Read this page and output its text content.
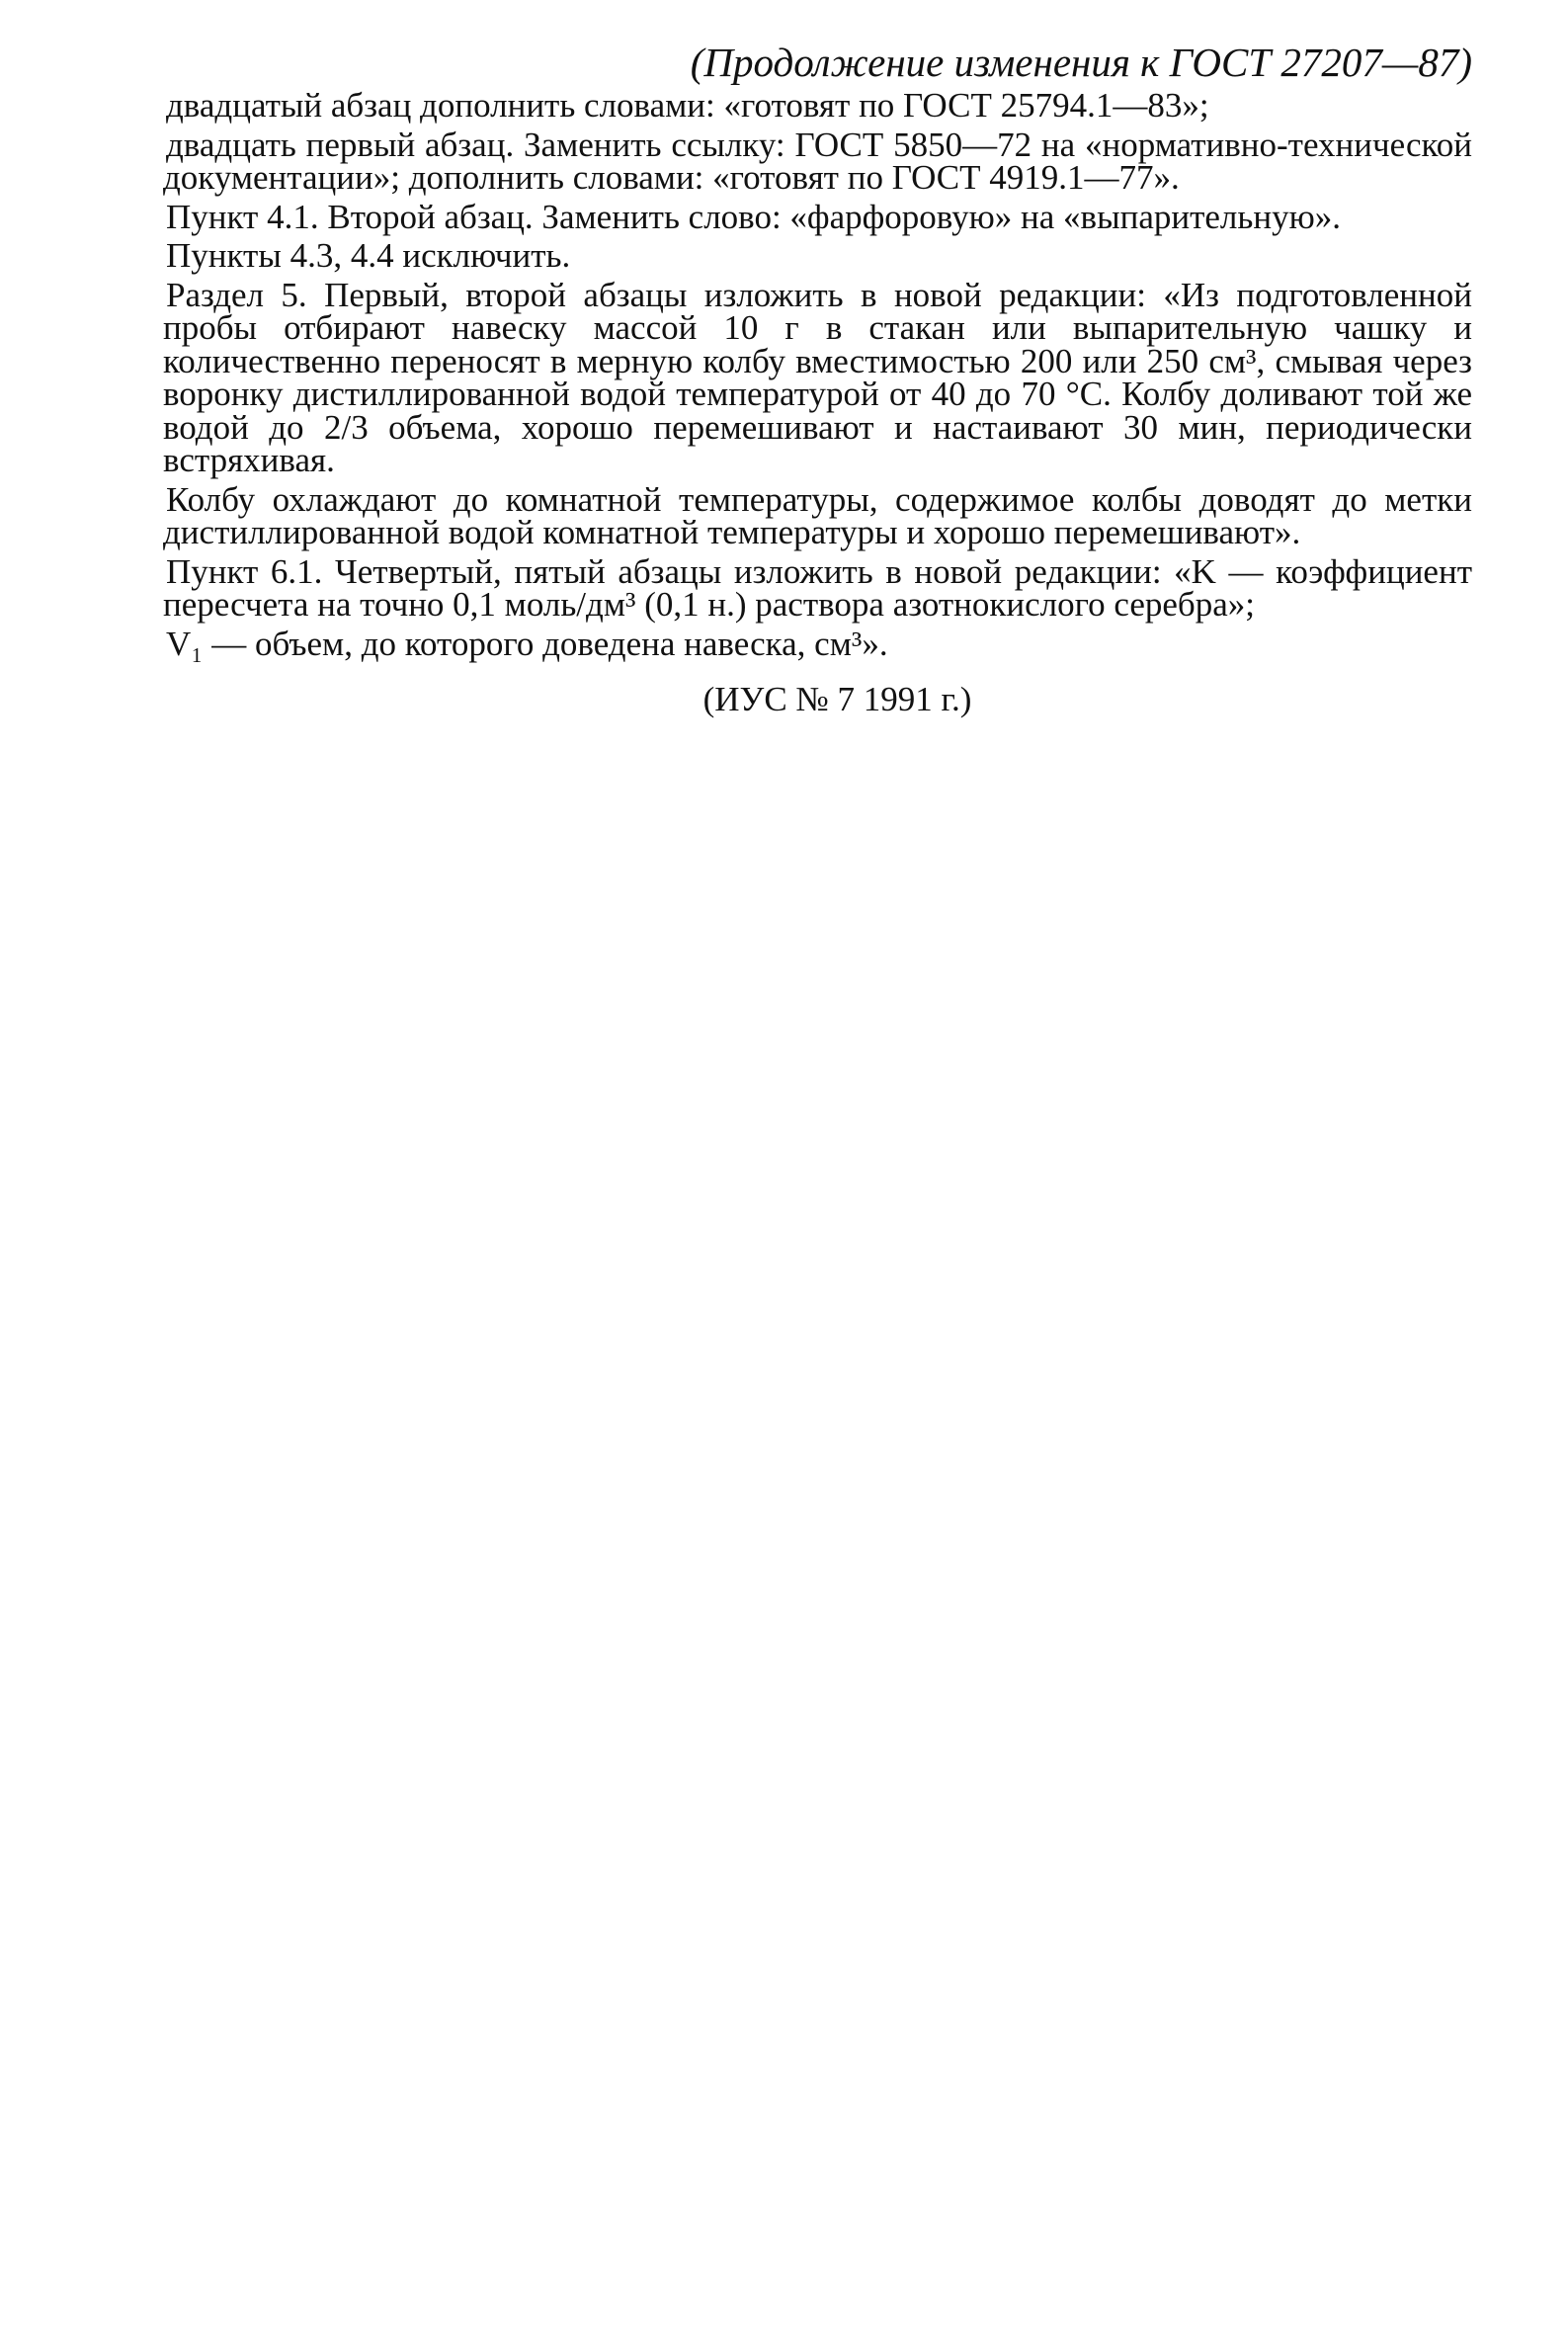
(Продолжение изменения к ГОСТ 27207—87)

двадцатый абзац дополнить словами: «готовят по ГОСТ 25794.1—83»;

двадцать первый абзац. Заменить ссылку: ГОСТ 5850—72 на «нормативно-технической документации»; дополнить словами: «готовят по ГОСТ 4919.1—77».

Пункт 4.1. Второй абзац. Заменить слово: «фарфоровую» на «выпарительную».

Пункты 4.3, 4.4 исключить.

Раздел 5. Первый, второй абзацы изложить в новой редакции: «Из подготовленной пробы отбирают навеску массой 10 г в стакан или выпарительную чашку и количественно переносят в мерную колбу вместимостью 200 или 250 см³, смывая через воронку дистиллированной водой температурой от 40 до 70 °С. Колбу доливают той же водой до 2/3 объема, хорошо перемешивают и настаивают 30 мин, периодически встряхивая.

Колбу охлаждают до комнатной температуры, содержимое колбы доводят до метки дистиллированной водой комнатной температуры и хорошо перемешивают».

Пункт 6.1. Четвертый, пятый абзацы изложить в новой редакции: «K — коэффициент пересчета на точно 0,1 моль/дм³ (0,1 н.) раствора азотнокислого серебра»;

V₁ — объем, до которого доведена навеска, см³».

(ИУС № 7 1991 г.)
